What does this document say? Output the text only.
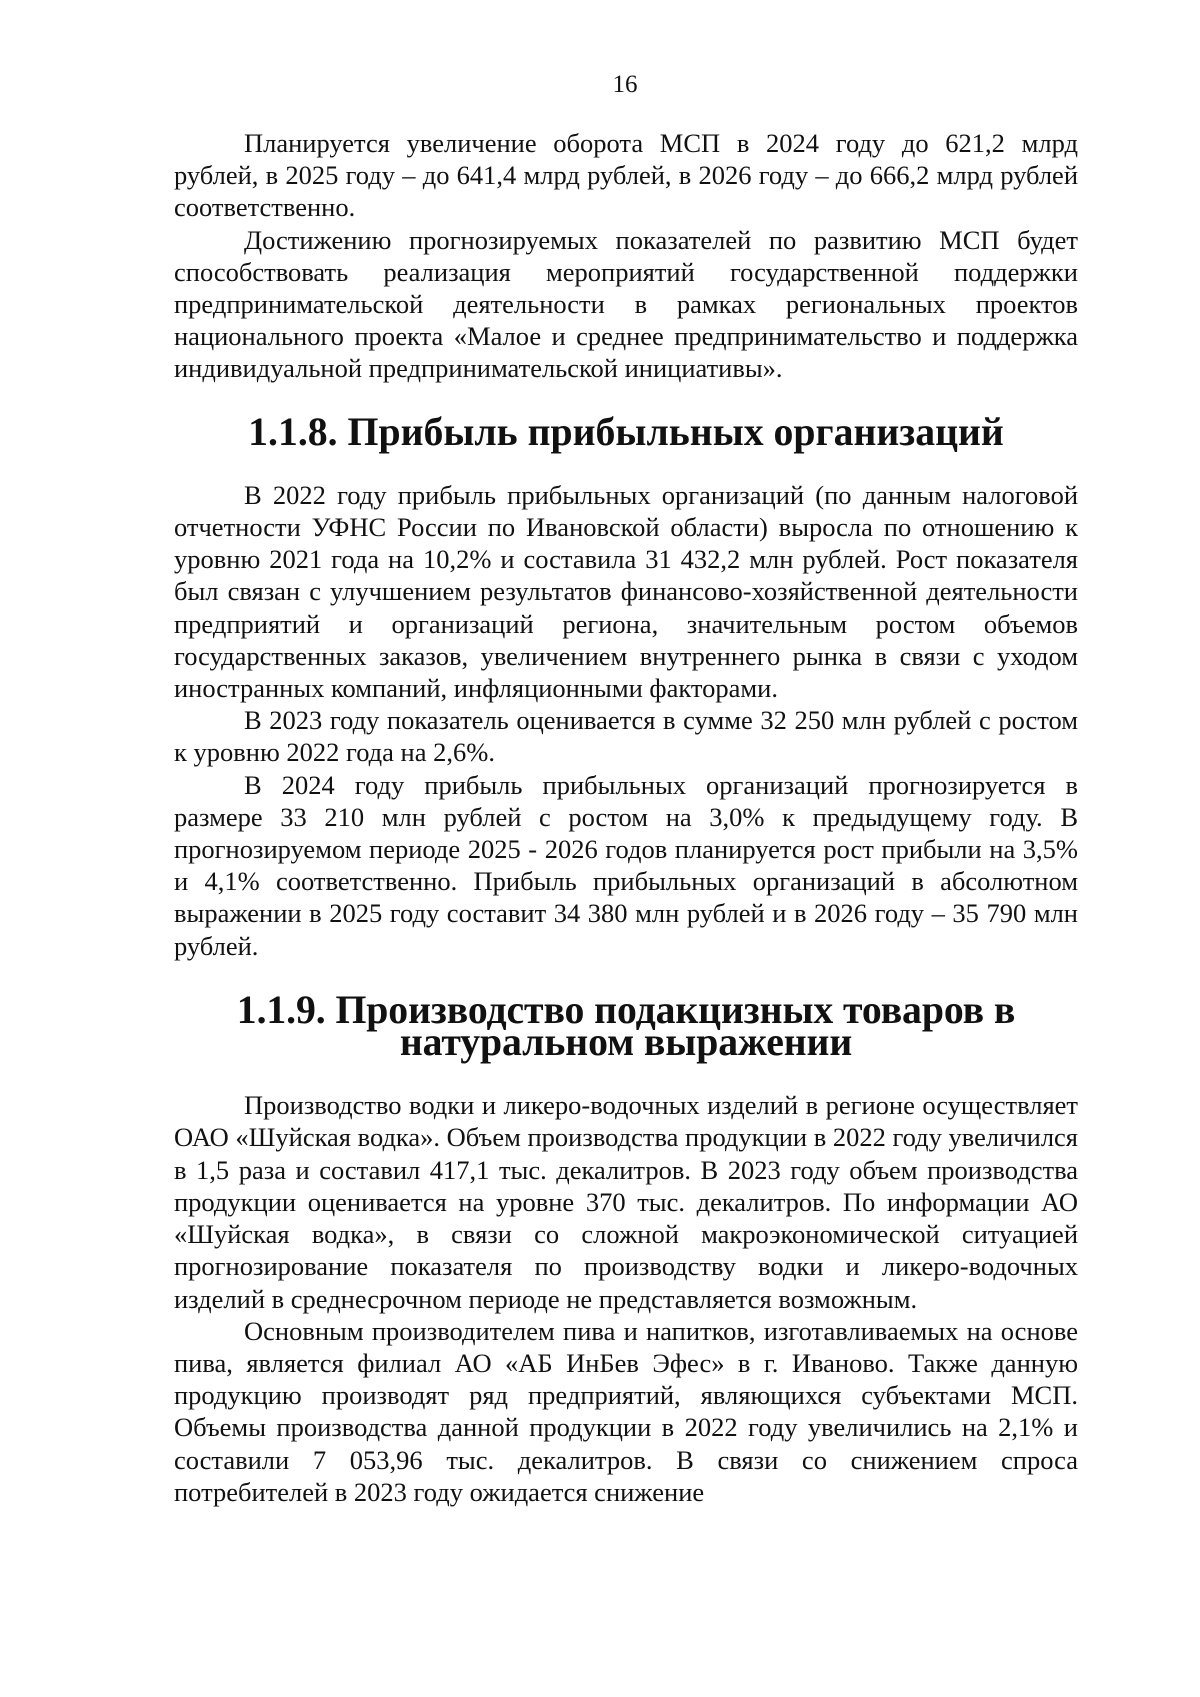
16

Планируется увеличение оборота МСП в 2024 году до 621,2 млрд рублей, в 2025 году – до 641,4 млрд рублей, в 2026 году – до 666,2 млрд рублей соответственно.

Достижению прогнозируемых показателей по развитию МСП будет способствовать реализация мероприятий государственной поддержки предпринимательской деятельности в рамках региональных проектов национального проекта «Малое и среднее предпринимательство и поддержка индивидуальной предпринимательской инициативы».

1.1.8. Прибыль прибыльных организаций

В 2022 году прибыль прибыльных организаций (по данным налоговой отчетности УФНС России по Ивановской области) выросла по отношению к уровню 2021 года на 10,2% и составила 31 432,2 млн рублей. Рост показателя был связан с улучшением результатов финансово-хозяйственной деятельности предприятий и организаций региона, значительным ростом объемов государственных заказов, увеличением внутреннего рынка в связи с уходом иностранных компаний, инфляционными факторами.

В 2023 году показатель оценивается в сумме 32 250 млн рублей с ростом к уровню 2022 года на 2,6%.

В 2024 году прибыль прибыльных организаций прогнозируется в размере 33 210 млн рублей с ростом на 3,0% к предыдущему году. В прогнозируемом периоде 2025 - 2026 годов планируется рост прибыли на 3,5% и 4,1% соответственно. Прибыль прибыльных организаций в абсолютном выражении в 2025 году составит 34 380 млн рублей и в 2026 году – 35 790 млн рублей.

1.1.9. Производство подакцизных товаров в натуральном выражении

Производство водки и ликеро-водочных изделий в регионе осуществляет ОАО «Шуйская водка». Объем производства продукции в 2022 году увеличился в 1,5 раза и составил 417,1 тыс. декалитров. В 2023 году объем производства продукции оценивается на уровне 370 тыс. декалитров. По информации АО «Шуйская водка», в связи со сложной макроэкономической ситуацией прогнозирование показателя по производству водки и ликеро-водочных изделий в среднесрочном периоде не представляется возможным.

Основным производителем пива и напитков, изготавливаемых на основе пива, является филиал АО «АБ ИнБев Эфес» в г. Иваново. Также данную продукцию производят ряд предприятий, являющихся субъектами МСП. Объемы производства данной продукции в 2022 году увеличились на 2,1% и составили 7 053,96 тыс. декалитров. В связи со снижением спроса потребителей в 2023 году ожидается снижение
